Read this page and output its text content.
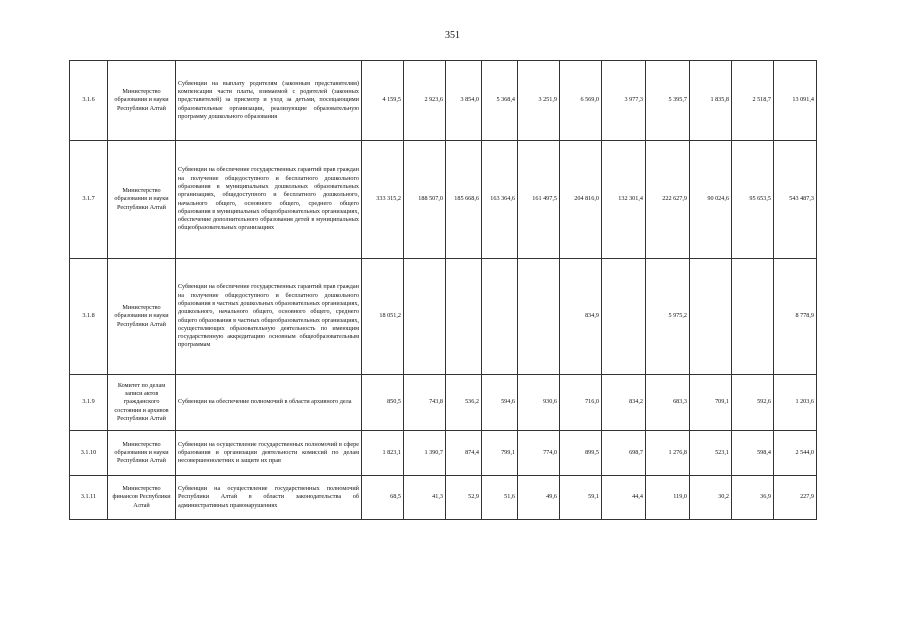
351
3.1.6	Министерство образования и науки Республики Алтай	Субвенции на выплату родителям (законным представителям) компенсации части платы, взимаемой с родителей (законных представителей) за присмотр и уход за детьми, посещающими образовательные организации, реализующие образовательную программу дошкольного образования	4 159,5	2 923,6	3 854,0	5 368,4	3 251,9	6 569,0	3 977,3	5 395,7	1 835,8	2 518,7	13 091,4
3.1.7	Министерство образования и науки Республики Алтай	Субвенции на обеспечение государственных гарантий прав граждан на получение общедоступного и бесплатного дошкольного образования в муниципальных дошкольных образовательных организациях, общедоступного и бесплатного дошкольного, начального общего, основного общего, среднего общего образования в муниципальных общеобразовательных организациях, обеспечение дополнительного образования детей в муниципальных общеобразовательных организациях	333 315,2	188 507,0	185 668,6	163 364,6	161 497,5	204 816,0	132 301,4	222 627,9	90 024,6	95 653,5	543 487,3
3.1.8	Министерство образования и науки Республики Алтай	Субвенции на обеспечение государственных гарантий прав граждан на получение общедоступного и бесплатного дошкольного образования в частных дошкольных образовательных организациях, дошкольного, начального общего, основного общего, среднего общего образования в частных общеобразовательных организациях, осуществляющих образовательную деятельность по имеющим государственную аккредитацию основным общеобразовательным программам	18 051,2					834,9		5 975,2			8 778,9
3.1.9	Комитет по делам записи актов гражданского состояния и архивов Республики Алтай	Субвенции на обеспечение полномочий в области архивного дела	850,5	743,8	536,2	594,6	930,6	716,0	834,2	683,3	709,1	592,6	1 203,6
3.1.10	Министерство образования и науки Республики Алтай	Субвенции на осуществление государственных полномочий в сфере образования и организации деятельности комиссий по делам несовершеннолетних и защите их прав	1 823,1	1 390,7	874,4	799,1	774,0	899,5	698,7	1 276,8	523,1	598,4	2 544,0
3.1.11	Министерство финансов Республики Алтай	Субвенции на осуществление государственных полномочий Республики Алтай в области законодательства об административных правонарушениях	68,5	41,3	52,9	51,6	49,6	59,1	44,4	119,0	30,2	36,9	227,9
